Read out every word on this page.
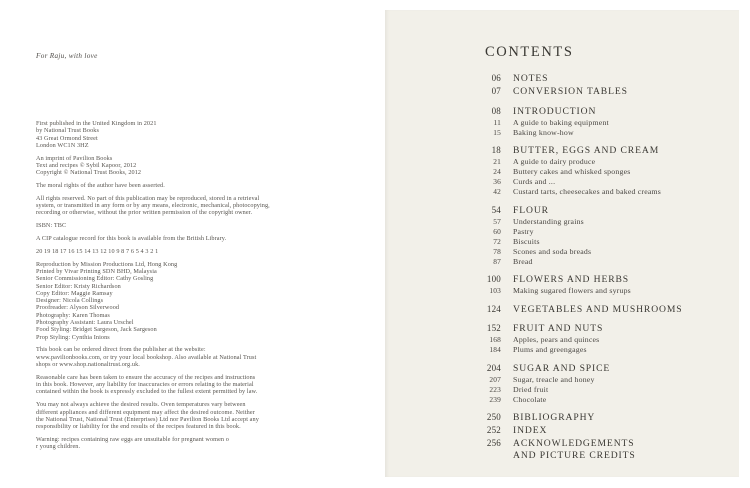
For Raju, with love
First published in the United Kingdom in 2021
by National Trust Books
43 Great Ormond Street
London WC1N 3HZ
An imprint of Pavilion Books
Text and recipes © Sybil Kapoor, 2012
Copyright © National Trust Books, 2012
The moral rights of the author have been asserted.
All rights reserved. No part of this publication may be reproduced, stored in a retrieval
system, or transmitted in any form or by any means, electronic, mechanical, photocopying,
recording or otherwise, without the prior written permission of the copyright owner.
ISBN: TBC
A CIP catalogue record for this book is available from the British Library.
20 19 18 17 16 15 14 13 12 10 9 8 7 6 5 4 3 2 1
Reproduction by Mission Productions Ltd, Hong Kong
Printed by Vivar Printing SDN BHD, Malaysia
Senior Commissioning Editor: Cathy Gosling
Senior Editor: Kristy Richardson
Copy Editor: Maggie Ramsay
Designer: Nicola Collings
Proofreader: Alyson Silverwood
Photography: Karen Thomas
Photography Assistant: Laura Urschel
Food Styling: Bridget Sargeson, Jack Sargeson
Prop Styling: Cynthia Inions
This book can be ordered direct from the publisher at the website:
www.pavilionbooks.com, or try your local bookshop. Also available at National Trust
shops or www.shop.nationaltrust.org.uk.
Reasonable care has been taken to ensure the accuracy of the recipes and instructions
in this book. However, any liability for inaccuracies or errors relating to the material
contained within the book is expressly excluded to the fullest extent permitted by law.
You may not always achieve the desired results. Oven temperatures vary between
different appliances and different equipment may affect the desired outcome. Neither
the National Trust, National Trust (Enterprises) Ltd nor Pavilion Books Ltd accept any
responsibility or liability for the end results of the recipes featured in this book.
Warning: recipes containing raw eggs are unsuitable for pregnant women o
r young children.
CONTENTS
06 NOTES
07 CONVERSION TABLES
08 INTRODUCTION
11 A guide to baking equipment
15 Baking know-how
18 BUTTER, EGGS AND CREAM
21 A guide to dairy produce
24 Buttery cakes and whisked sponges
36 Curds and ...
42 Custard tarts, cheesecakes and baked creams
54 FLOUR
57 Understanding grains
60 Pastry
72 Biscuits
78 Scones and soda breads
87 Bread
100 FLOWERS AND HERBS
103 Making sugared flowers and syrups
124 VEGETABLES AND MUSHROOMS
152 FRUIT AND NUTS
168 Apples, pears and quinces
184 Plums and greengages
204 SUGAR AND SPICE
207 Sugar, treacle and honey
223 Dried fruit
239 Chocolate
250 BIBLIOGRAPHY
252 INDEX
256 ACKNOWLEDGEMENTS
AND PICTURE CREDITS
